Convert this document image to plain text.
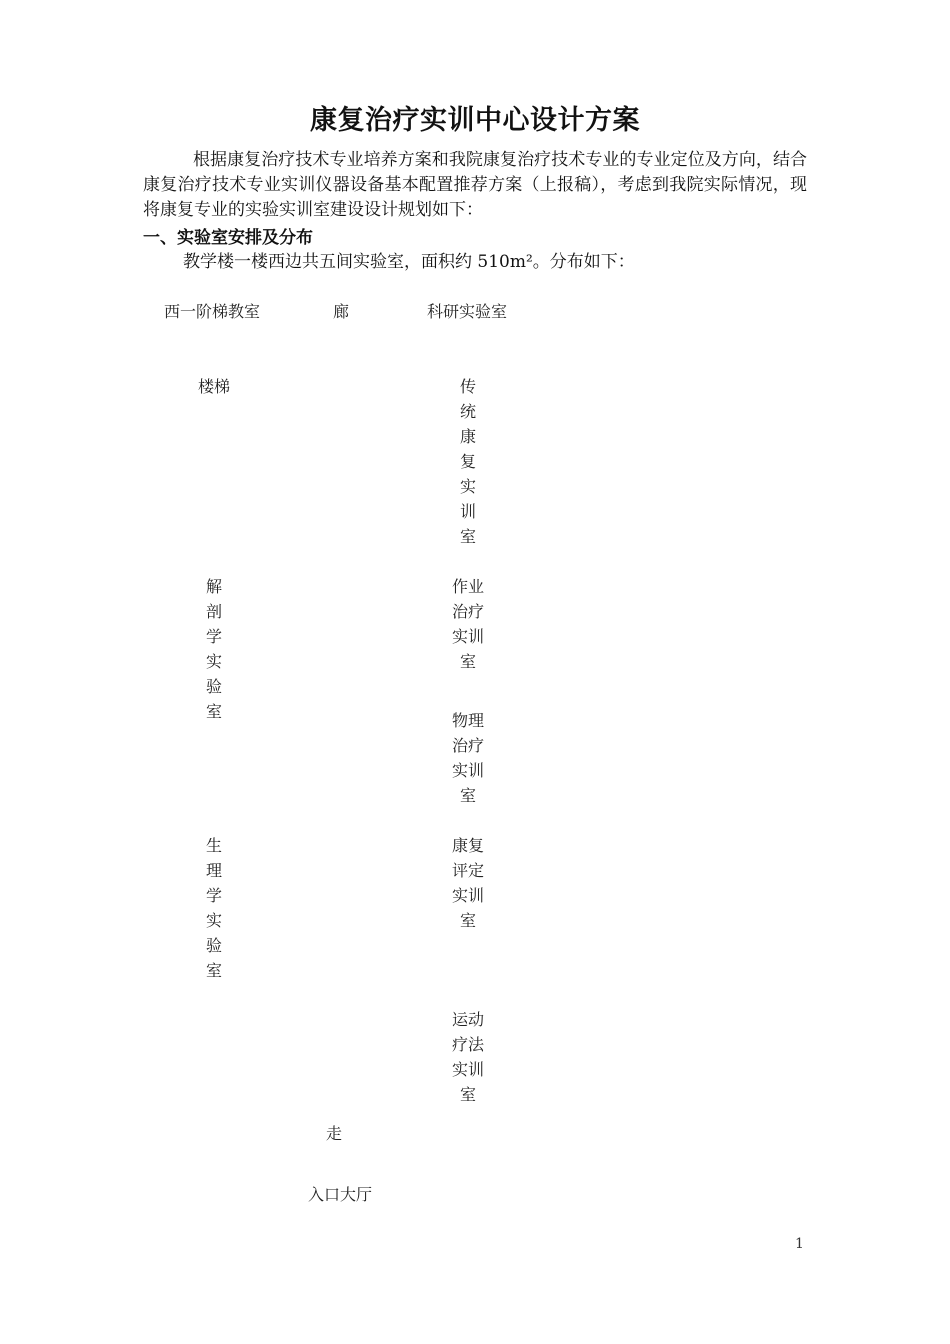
康复治疗实训中心设计方案

根据康复治疗技术专业培养方案和我院康复治疗技术专业的专业定位及方向，结合康复治疗技术专业实训仪器设备基本配置推荐方案（上报稿），考虑到我院实际情况，现将康复专业的实验实训室建设设计规划如下：

一、实验室安排及分布
教学楼一楼西边共五间实验室，面积约 510m²。分布如下：
西一阶梯教室	廊	科研实验室
楼梯	传统康复实训室
解剖学实验室
作业治疗实训室
物理治疗实训室
生理学实验室
康复评定实训室
运动疗法实训室
走
入口大厅
1
